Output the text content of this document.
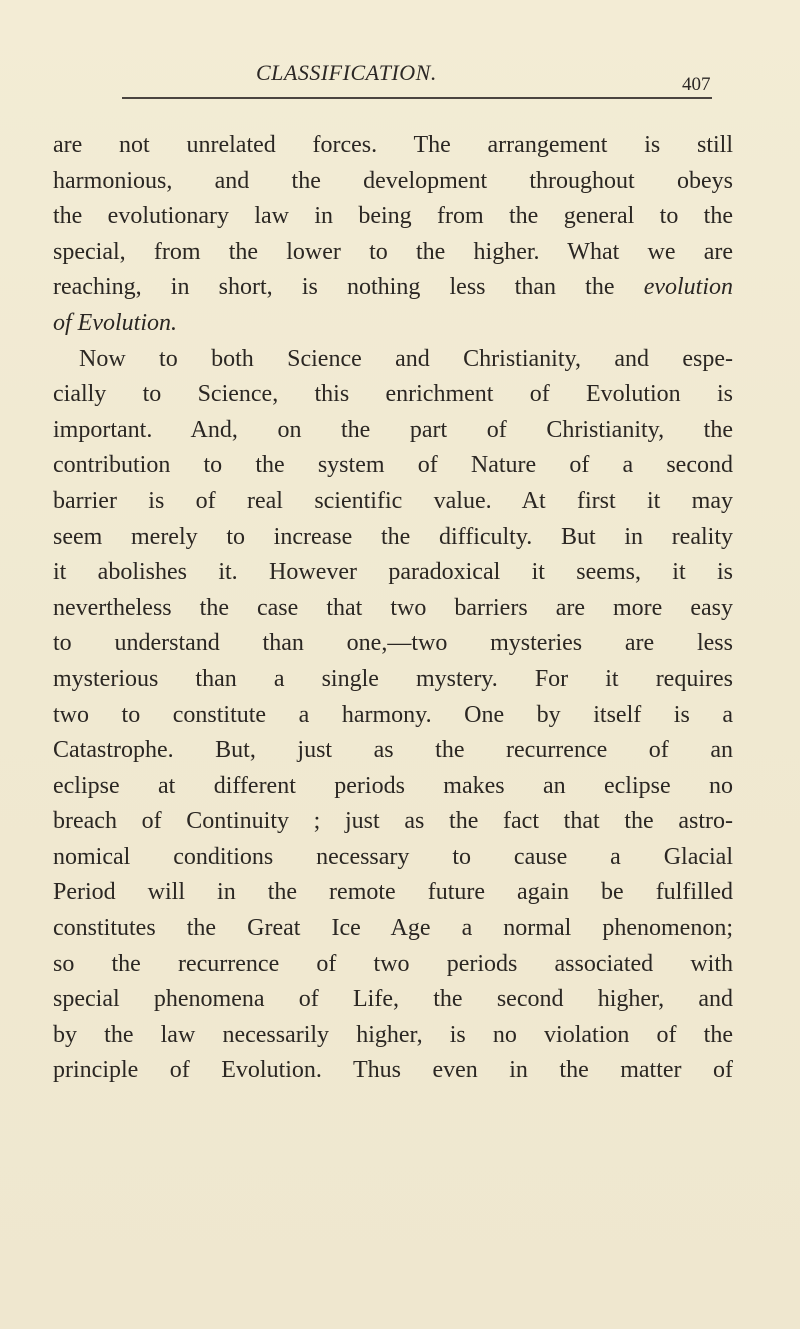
CLASSIFICATION.	407
are not unrelated forces. The arrangement is still
harmonious, and the development throughout obeys
the evolutionary law in being from the general to the
special, from the lower to the higher. What we are
reaching, in short, is nothing less than the evolution
of Evolution.
Now to both Science and Christianity, and espe-
cially to Science, this enrichment of Evolution is
important. And, on the part of Christianity, the
contribution to the system of Nature of a second
barrier is of real scientific value. At first it may
seem merely to increase the difficulty. But in reality
it abolishes it. However paradoxical it seems, it is
nevertheless the case that two barriers are more easy
to understand than one,—two mysteries are less
mysterious than a single mystery. For it requires
two to constitute a harmony. One by itself is a
Catastrophe. But, just as the recurrence of an
eclipse at different periods makes an eclipse no
breach of Continuity ; just as the fact that the astro-
nomical conditions necessary to cause a Glacial
Period will in the remote future again be fulfilled
constitutes the Great Ice Age a normal phenomenon;
so the recurrence of two periods associated with
special phenomena of Life, the second higher, and
by the law necessarily higher, is no violation of the
principle of Evolution. Thus even in the matter of
